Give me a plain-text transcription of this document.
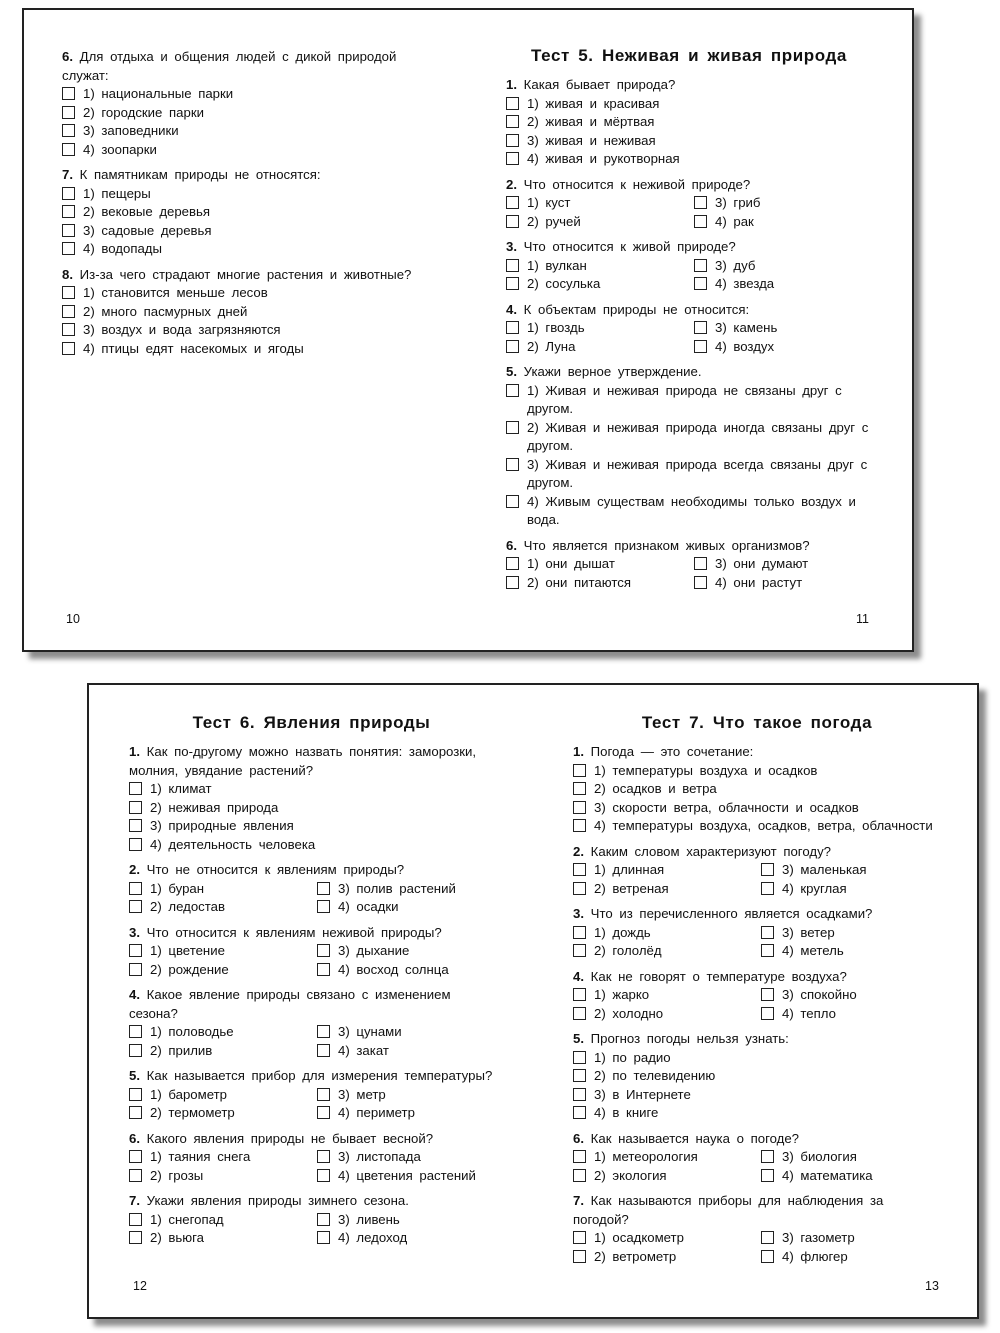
6. Для отдыха и общения людей с дикой природой служат:
1) национальные парки
2) городские парки
3) заповедники
4) зоопарки
7. К памятникам природы не относятся:
1) пещеры
2) вековые деревья
3) садовые деревья
4) водопады
8. Из-за чего страдают многие растения и животные?
1) становится меньше лесов
2) много пасмурных дней
3) воздух и вода загрязняются
4) птицы едят насекомых и ягоды
10
Тест 5. Неживая и живая природа
1. Какая бывает природа?
1) живая и красивая
2) живая и мёртвая
3) живая и неживая
4) живая и рукотворная
2. Что относится к неживой природе?
1) куст	3) гриб
2) ручей	4) рак
3. Что относится к живой природе?
1) вулкан	3) дуб
2) сосулька	4) звезда
4. К объектам природы не относится:
1) гвоздь	3) камень
2) Луна	4) воздух
5. Укажи верное утверждение.
1) Живая и неживая природа не связаны друг с другом.
2) Живая и неживая природа иногда связаны друг с другом.
3) Живая и неживая природа всегда связаны друг с другом.
4) Живым существам необходимы только воздух и вода.
6. Что является признаком живых организмов?
1) они дышат	3) они думают
2) они питаются	4) они растут
11
Тест 6. Явления природы
1. Как по-другому можно назвать понятия: заморозки, молния, увядание растений?
1) климат
2) неживая природа
3) природные явления
4) деятельность человека
2. Что не относится к явлениям природы?
1) буран	3) полив растений
2) ледостав	4) осадки
3. Что относится к явлениям неживой природы?
1) цветение	3) дыхание
2) рождение	4) восход солнца
4. Какое явление природы связано с изменением сезона?
1) половодье	3) цунами
2) прилив	4) закат
5. Как называется прибор для измерения температуры?
1) барометр	3) метр
2) термометр	4) периметр
6. Какого явления природы не бывает весной?
1) таяния снега	3) листопада
2) грозы	4) цветения растений
7. Укажи явления природы зимнего сезона.
1) снегопад	3) ливень
2) вьюга	4) ледоход
12
Тест 7. Что такое погода
1. Погода — это сочетание:
1) температуры воздуха и осадков
2) осадков и ветра
3) скорости ветра, облачности и осадков
4) температуры воздуха, осадков, ветра, облачности
2. Каким словом характеризуют погоду?
1) длинная	3) маленькая
2) ветреная	4) круглая
3. Что из перечисленного является осадками?
1) дождь	3) ветер
2) гололёд	4) метель
4. Как не говорят о температуре воздуха?
1) жарко	3) спокойно
2) холодно	4) тепло
5. Прогноз погоды нельзя узнать:
1) по радио
2) по телевидению
3) в Интернете
4) в книге
6. Как называется наука о погоде?
1) метеорология	3) биология
2) экология	4) математика
7. Как называются приборы для наблюдения за погодой?
1) осадкометр	3) газометр
2) ветрометр	4) флюгер
13
